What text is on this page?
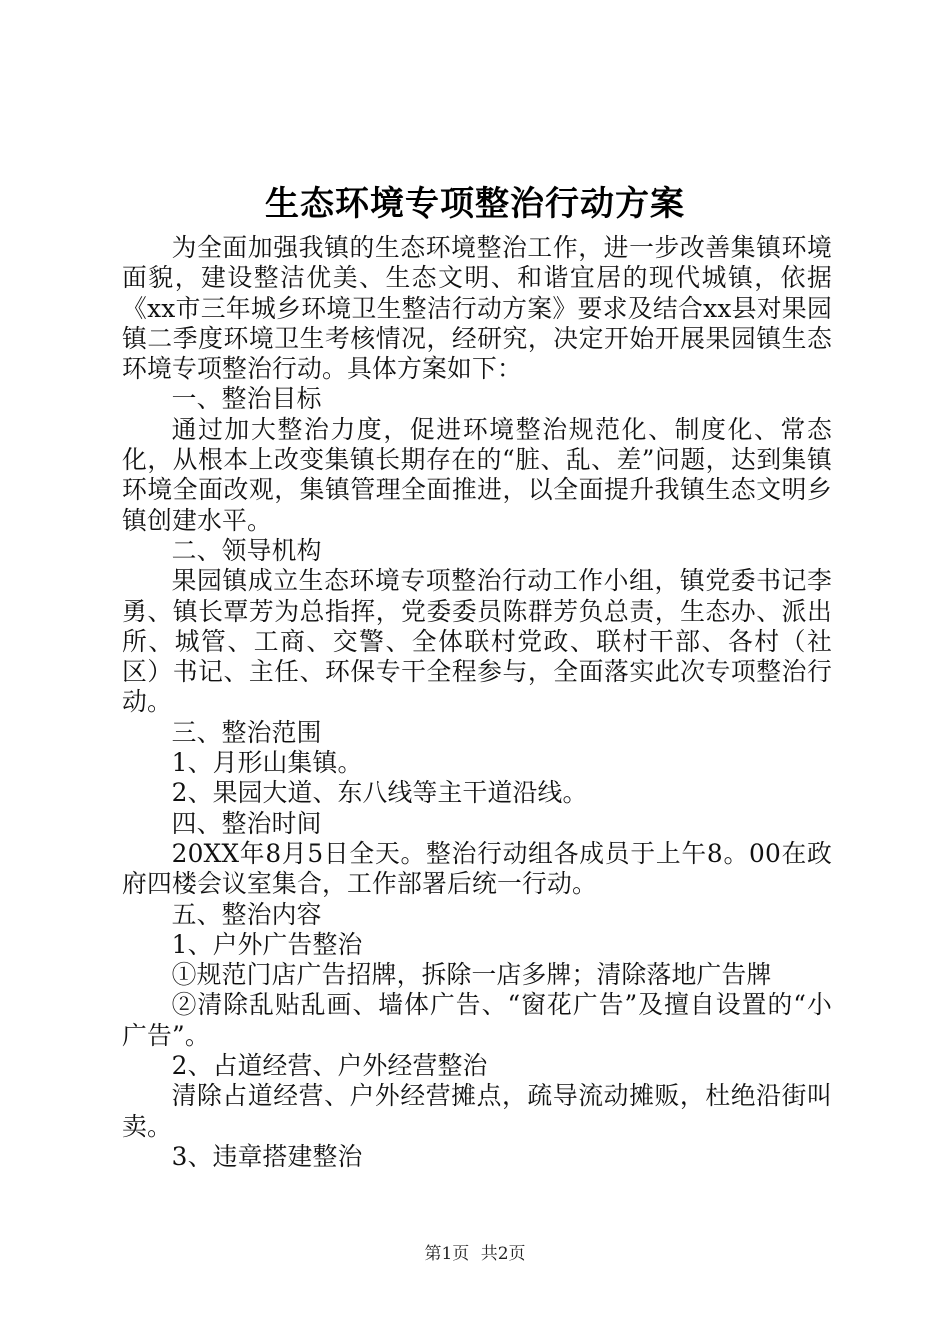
生态环境专项整治行动方案

为全面加强我镇的生态环境整治工作，进一步改善集镇环境面貌，建设整洁优美、生态文明、和谐宜居的现代城镇，依据《xx市三年城乡环境卫生整洁行动方案》要求及结合xx县对果园镇二季度环境卫生考核情况，经研究，决定开始开展果园镇生态环境专项整治行动。具体方案如下：

一、整治目标

通过加大整治力度，促进环境整治规范化、制度化、常态化，从根本上改变集镇长期存在的“脏、乱、差”问题，达到集镇环境全面改观，集镇管理全面推进，以全面提升我镇生态文明乡镇创建水平。

二、领导机构

果园镇成立生态环境专项整治行动工作小组，镇党委书记李勇、镇长覃芳为总指挥，党委委员陈群芳负总责，生态办、派出所、城管、工商、交警、全体联村党政、联村干部、各村（社区）书记、主任、环保专干全程参与，全面落实此次专项整治行动。

三、整治范围

1、月形山集镇。

2、果园大道、东八线等主干道沿线。

四、整治时间

20XX年8月5日全天。整治行动组各成员于上午8。00在政府四楼会议室集合，工作部署后统一行动。

五、整治内容

1、户外广告整治

①规范门店广告招牌，拆除一店多牌；清除落地广告牌

②清除乱贴乱画、墙体广告、“窗花广告”及擅自设置的“小广告”。

2、占道经营、户外经营整治

清除占道经营、户外经营摊点，疏导流动摊贩，杜绝沿街叫卖。

3、违章搭建整治

第1页 共2页
